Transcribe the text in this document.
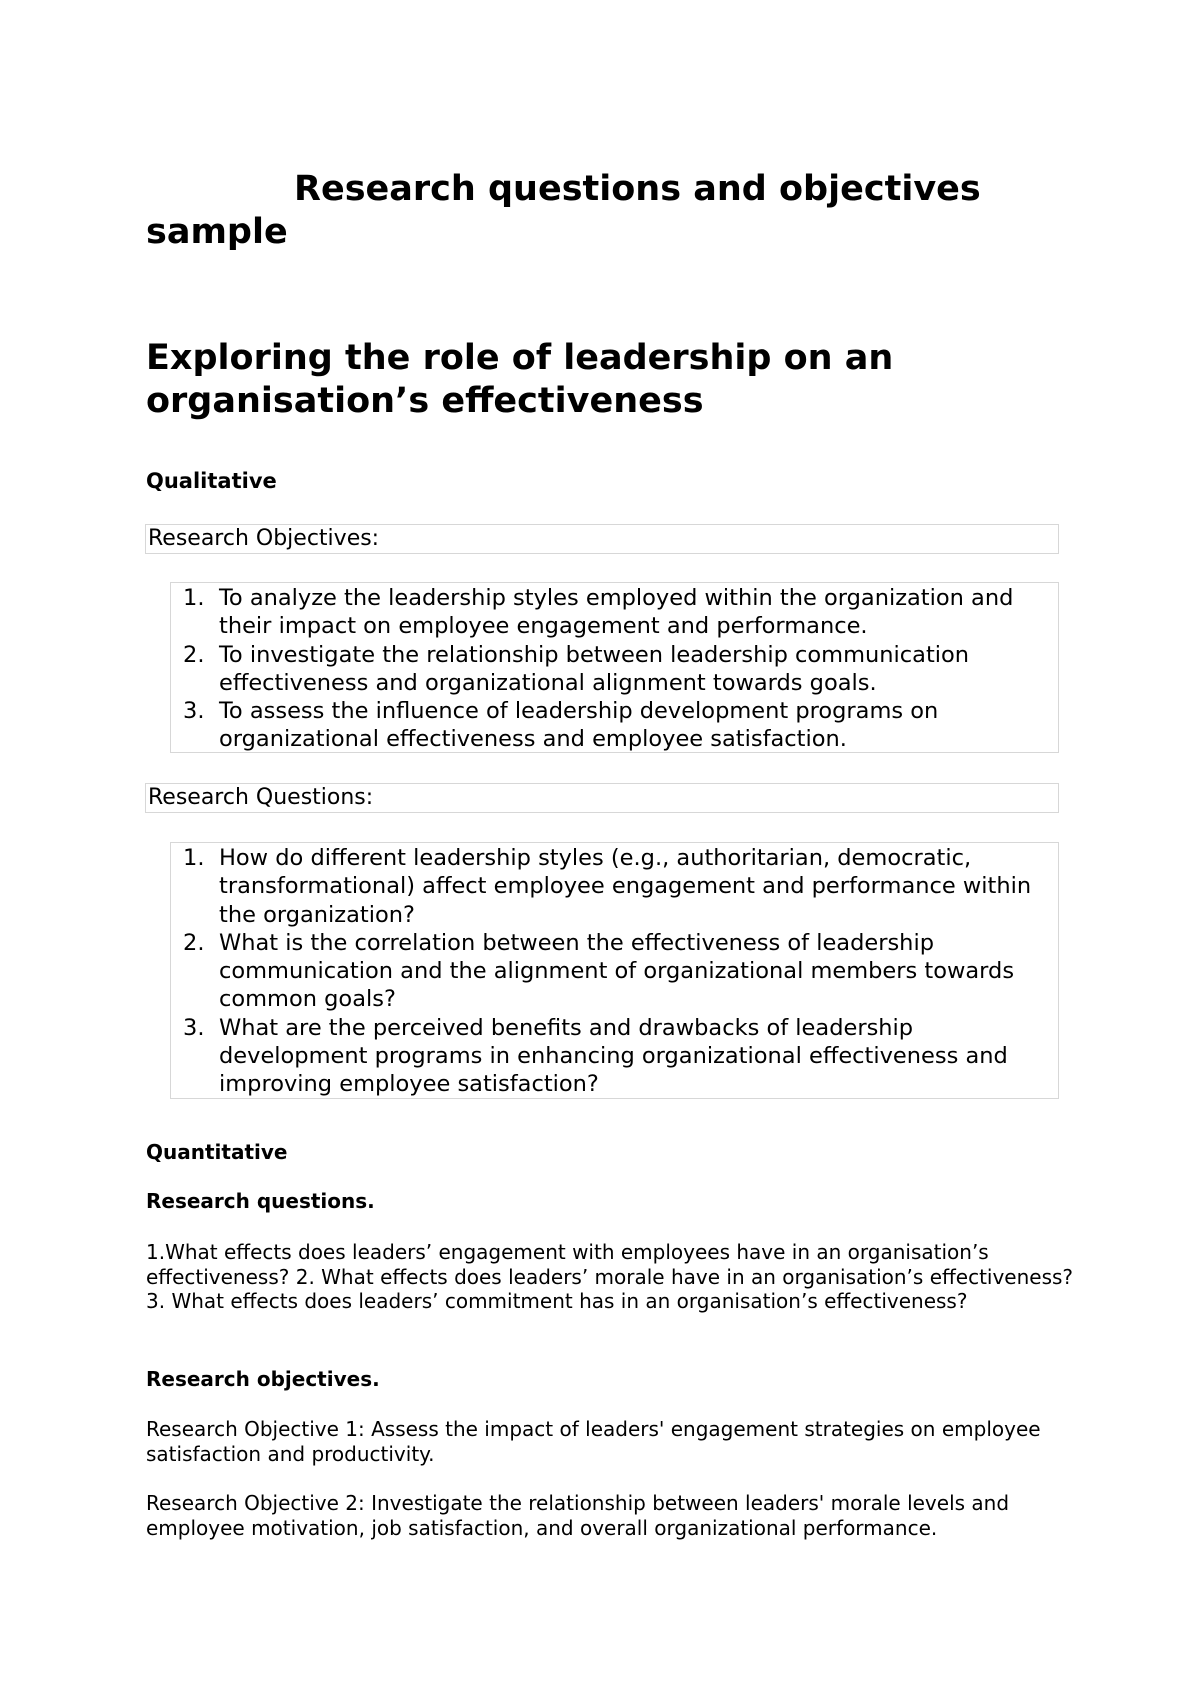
Research questions and objectives sample
Exploring the role of leadership on an organisation’s effectiveness
Qualitative
Research Objectives:
1. To analyze the leadership styles employed within the organization and their impact on employee engagement and performance.
2. To investigate the relationship between leadership communication effectiveness and organizational alignment towards goals.
3. To assess the influence of leadership development programs on organizational effectiveness and employee satisfaction.
Research Questions:
1. How do different leadership styles (e.g., authoritarian, democratic, transformational) affect employee engagement and performance within the organization?
2. What is the correlation between the effectiveness of leadership communication and the alignment of organizational members towards common goals?
3. What are the perceived benefits and drawbacks of leadership development programs in enhancing organizational effectiveness and improving employee satisfaction?
Quantitative
Research questions.

1.What effects does leaders’ engagement with employees have in an organisation’s effectiveness? 2. What effects does leaders’ morale have in an organisation’s effectiveness?

3. What effects does leaders’ commitment has in an organisation’s effectiveness?

Research objectives.

Research Objective 1: Assess the impact of leaders' engagement strategies on employee satisfaction and productivity.

Research Objective 2: Investigate the relationship between leaders' morale levels and employee motivation, job satisfaction, and overall organizational performance.
